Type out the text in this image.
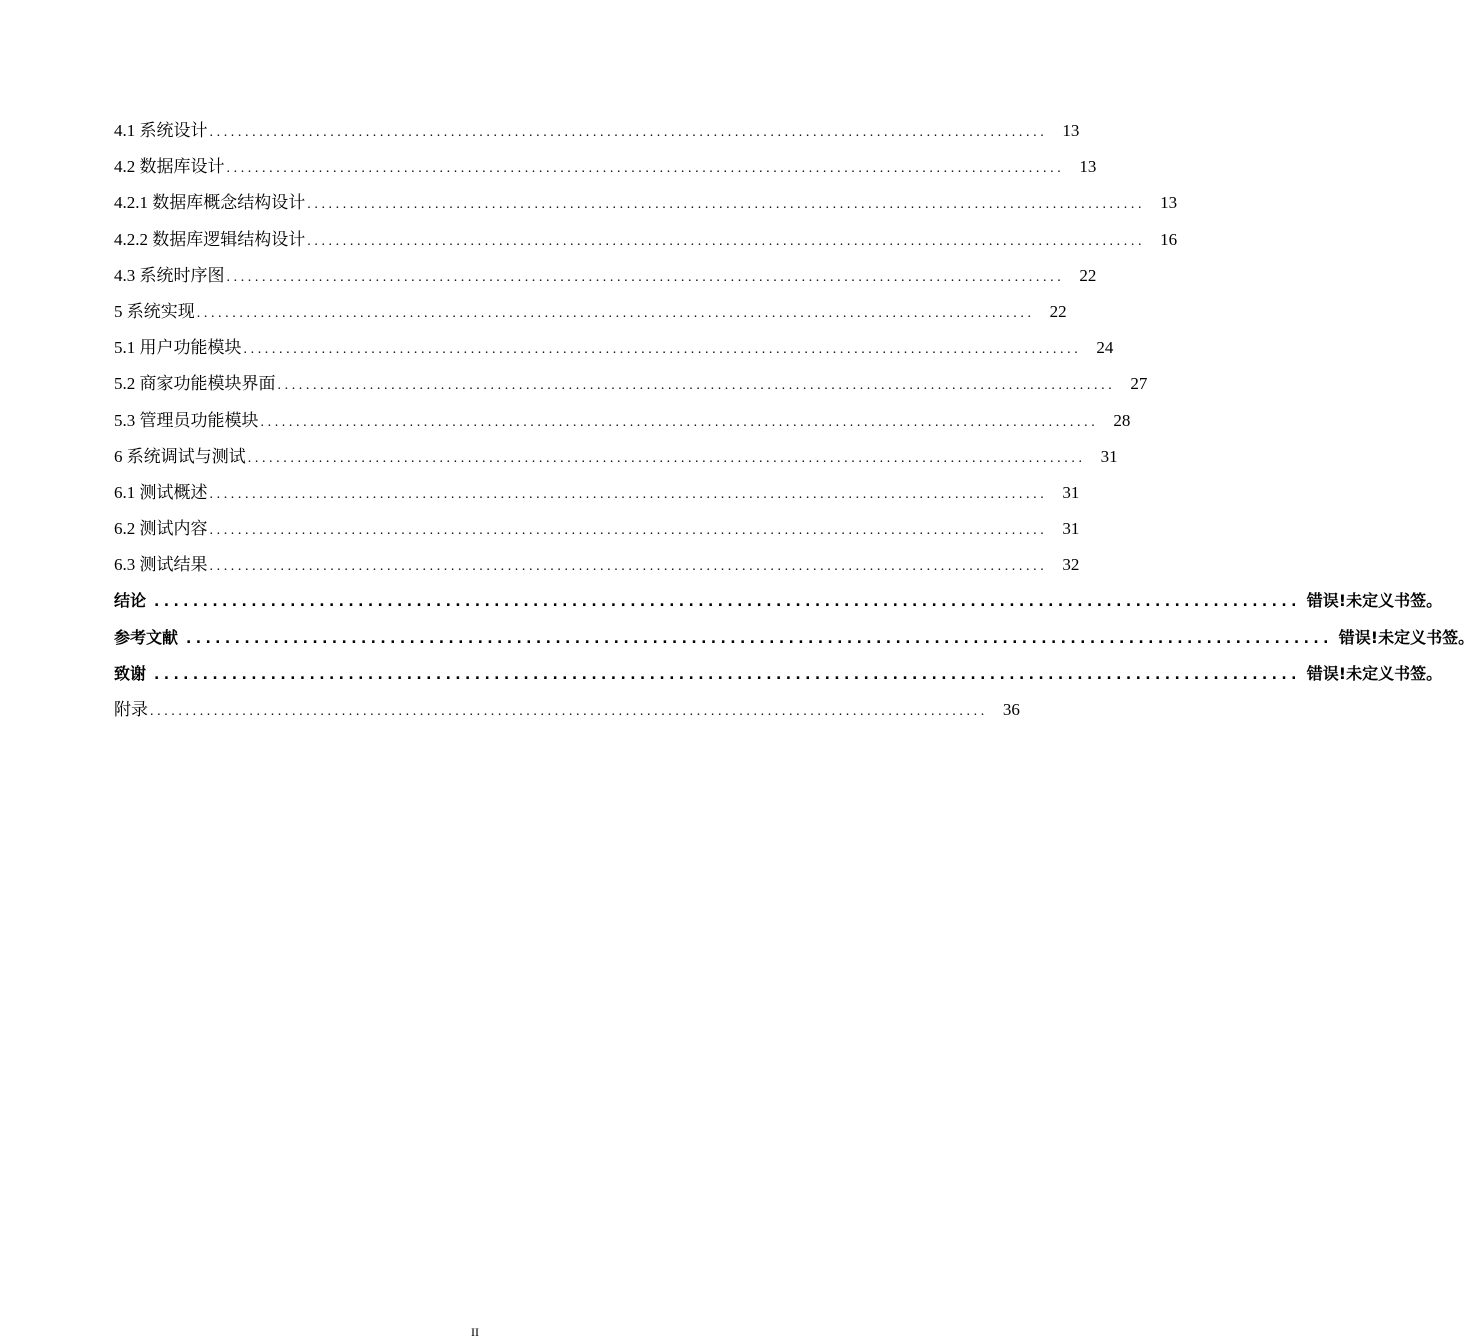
4.1 系统设计 ...................................................................................................................... 13
4.2 数据库设计 ...................................................................................................................... 13
4.2.1 数据库概念结构设计 ...................................................................................................................... 13
4.2.2 数据库逻辑结构设计 ...................................................................................................................... 16
4.3 系统时序图 ...................................................................................................................... 22
5 系统实现 ...................................................................................................................... 22
5.1 用户功能模块 ...................................................................................................................... 24
5.2 商家功能模块界面 ...................................................................................................................... 27
5.3 管理员功能模块 ...................................................................................................................... 28
6 系统调试与测试 ...................................................................................................................... 31
6.1 测试概述 ...................................................................................................................... 31
6.2 测试内容 ...................................................................................................................... 31
6.3 测试结果 ...................................................................................................................... 32
结论 ...................................................................................................................... 错误!未定义书签。
参考文献 ...................................................................................................................... 错误!未定义书签。
致谢 ...................................................................................................................... 错误!未定义书签。
附录 ...................................................................................................................... 36
II
